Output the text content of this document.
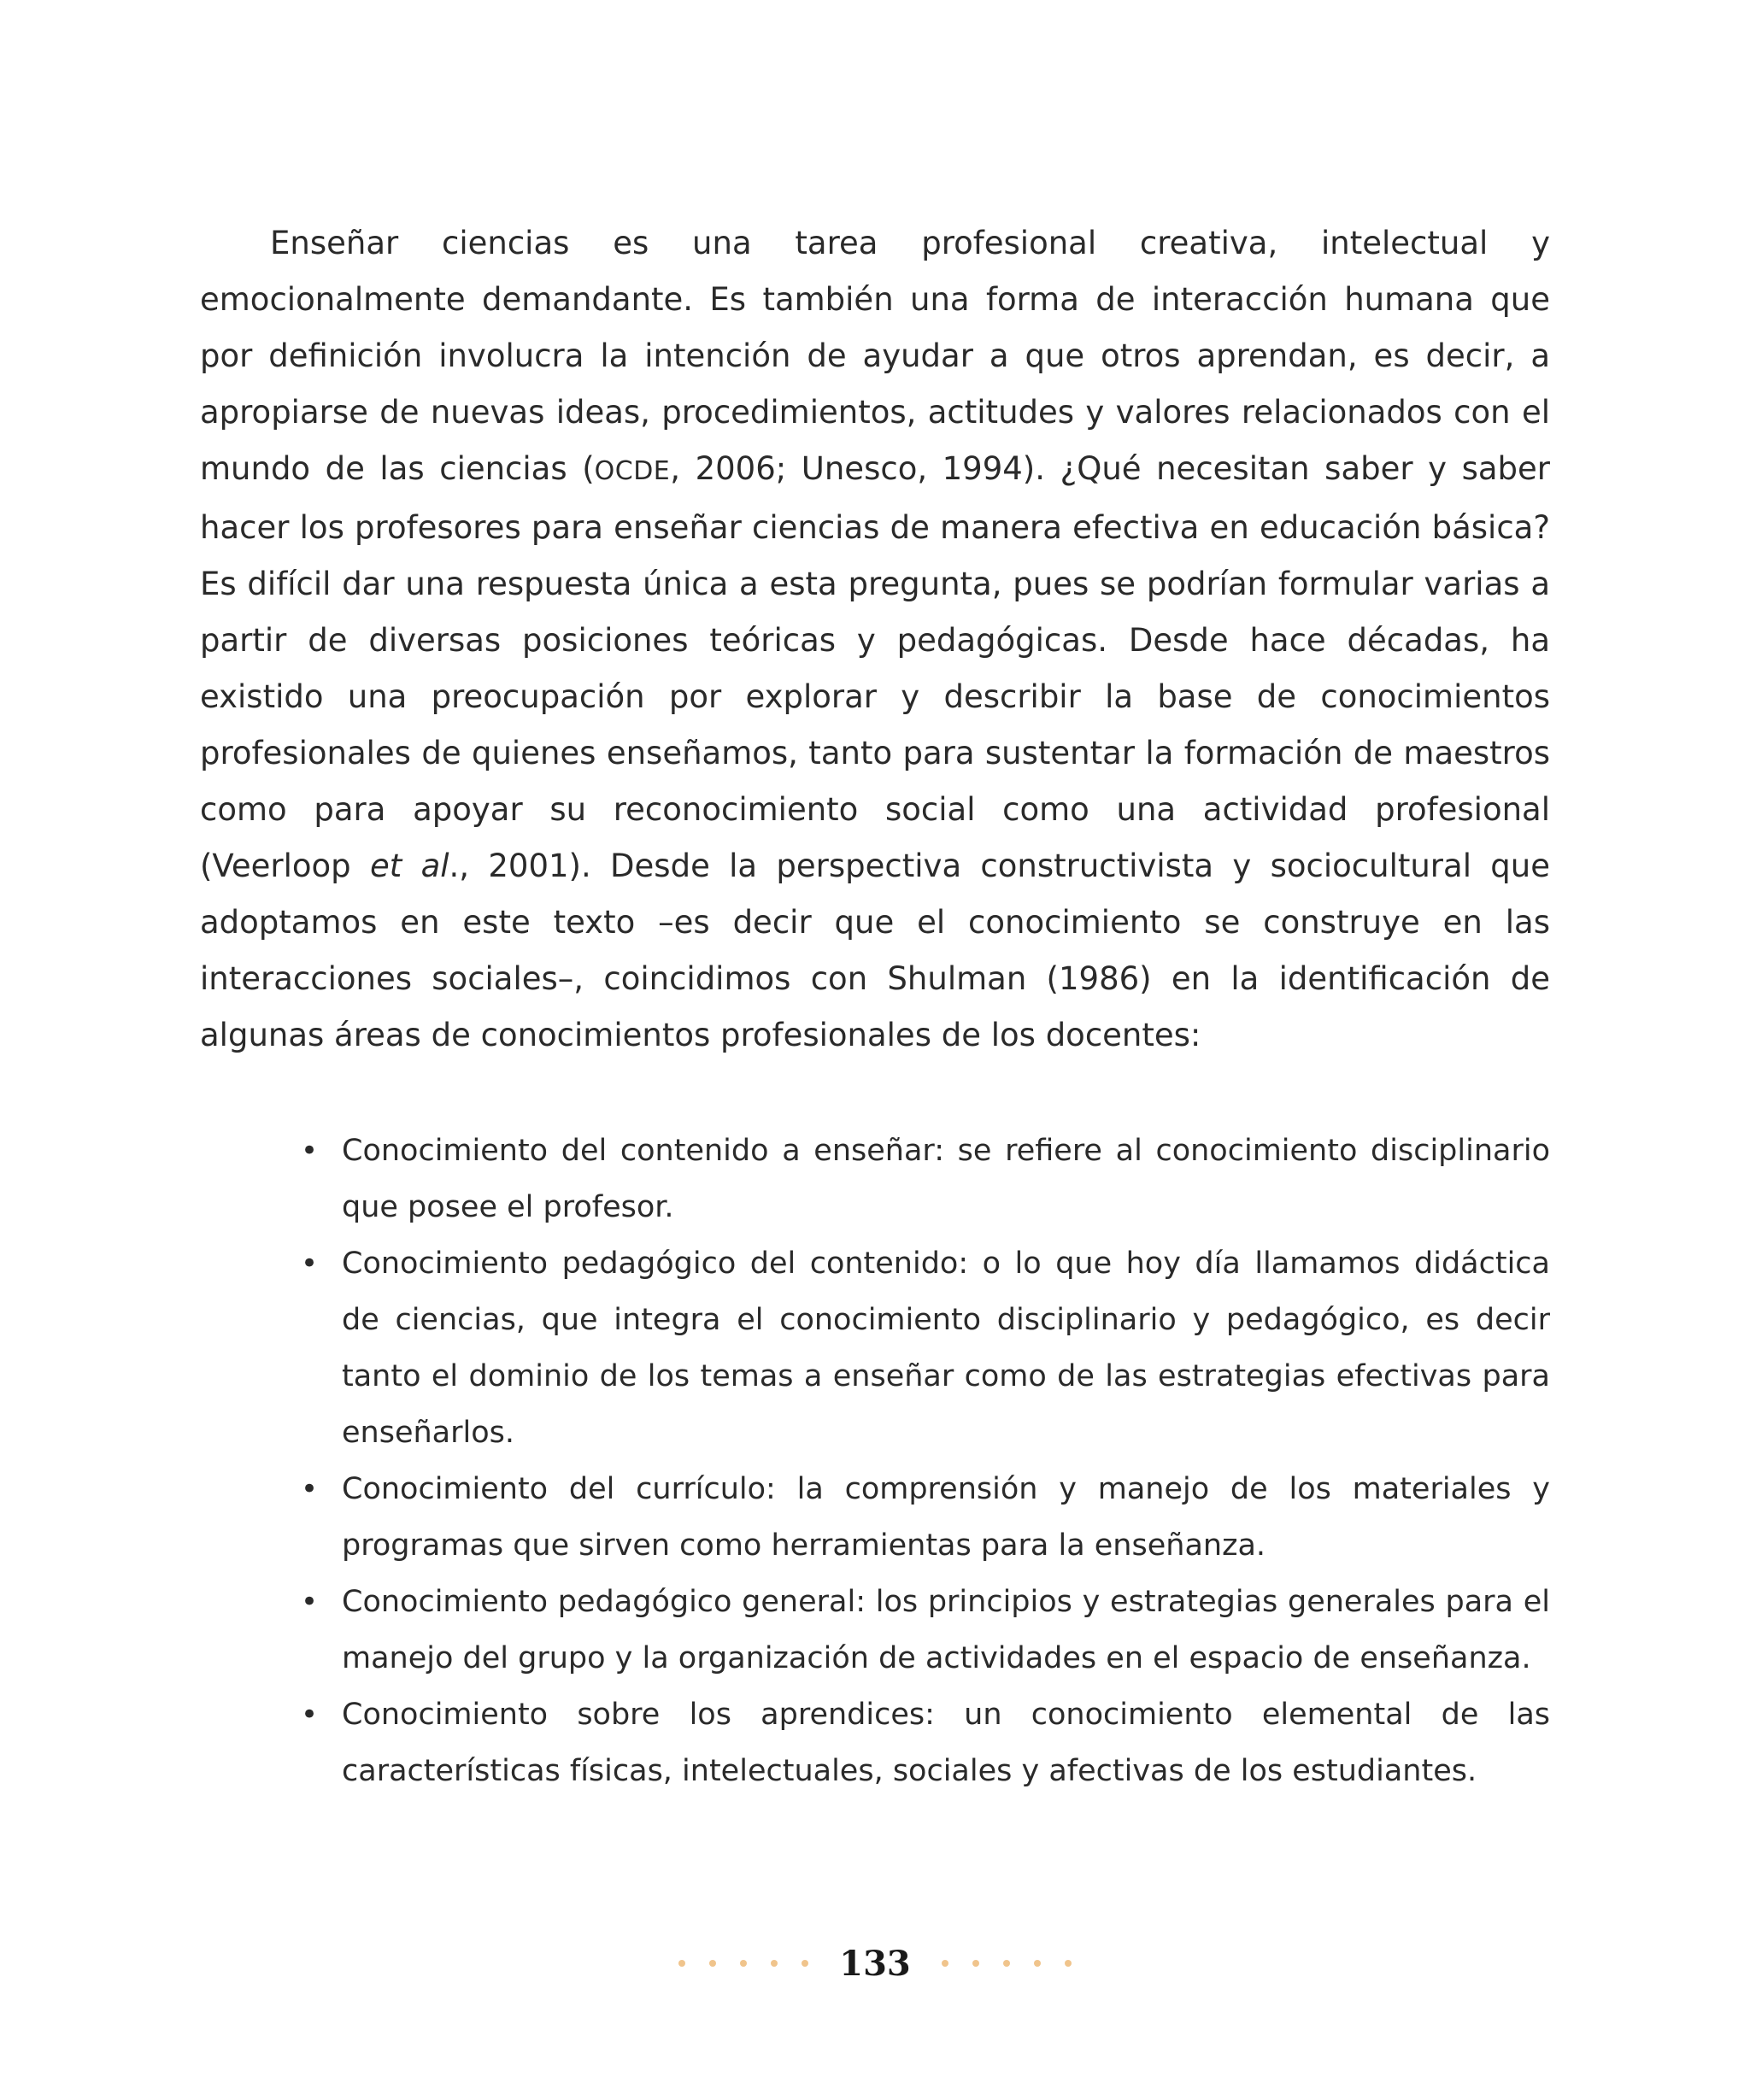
Enseñar ciencias es una tarea profesional creativa, intelectual y emocionalmente demandante. Es también una forma de interacción humana que por definición involucra la intención de ayudar a que otros aprendan, es decir, a apropiarse de nuevas ideas, procedimientos, actitudes y valores relacionados con el mundo de las ciencias (OCDE, 2006; Unesco, 1994). ¿Qué necesitan saber y saber hacer los profesores para enseñar ciencias de manera efectiva en educación básica? Es difícil dar una respuesta única a esta pregunta, pues se podrían formular varias a partir de diversas posiciones teóricas y pedagógicas. Desde hace décadas, ha existido una preocupación por explorar y describir la base de conocimientos profesionales de quienes enseñamos, tanto para sustentar la formación de maestros como para apoyar su reconocimiento social como una actividad profesional (Veerloop et al., 2001). Desde la perspectiva constructivista y sociocultural que adoptamos en este texto –es decir que el conocimiento se construye en las interacciones sociales–, coincidimos con Shulman (1986) en la identificación de algunas áreas de conocimientos profesionales de los docentes:

• Conocimiento del contenido a enseñar: se refiere al conocimiento disciplinario que posee el profesor.
• Conocimiento pedagógico del contenido: o lo que hoy día llamamos didáctica de ciencias, que integra el conocimiento disciplinario y pedagógico, es decir tanto el dominio de los temas a enseñar como de las estrategias efectivas para enseñarlos.
• Conocimiento del currículo: la comprensión y manejo de los materiales y programas que sirven como herramientas para la enseñanza.
• Conocimiento pedagógico general: los principios y estrategias generales para el manejo del grupo y la organización de actividades en el espacio de enseñanza.
• Conocimiento sobre los aprendices: un conocimiento elemental de las características físicas, intelectuales, sociales y afectivas de los estudiantes.
133
